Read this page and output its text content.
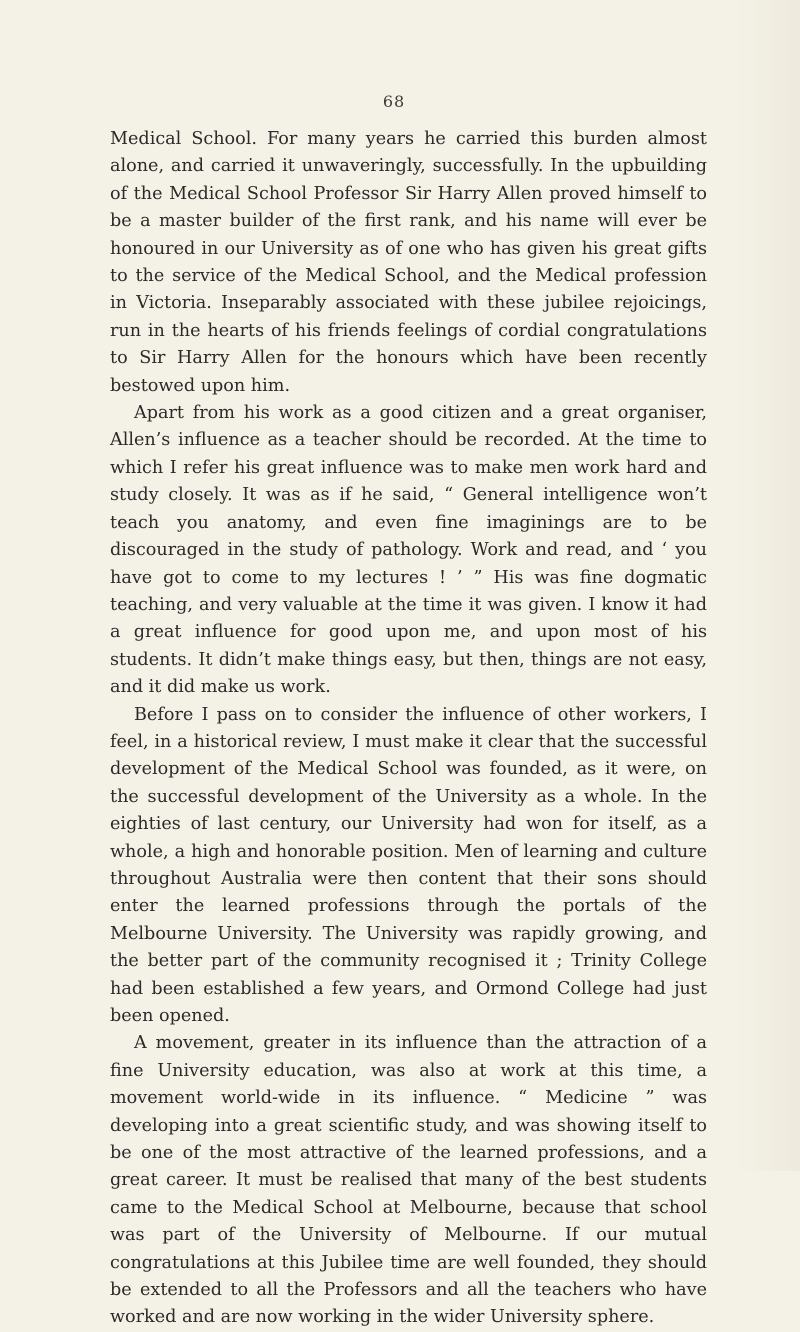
68

Medical School. For many years he carried this burden almost alone, and carried it unwaveringly, successfully. In the upbuilding of the Medical School Professor Sir Harry Allen proved himself to be a master builder of the first rank, and his name will ever be honoured in our University as of one who has given his great gifts to the service of the Medical School, and the Medical profession in Victoria. Inseparably associated with these jubilee rejoicings, run in the hearts of his friends feelings of cordial congratulations to Sir Harry Allen for the honours which have been recently bestowed upon him.

Apart from his work as a good citizen and a great organiser, Allen’s influence as a teacher should be recorded. At the time to which I refer his great influence was to make men work hard and study closely. It was as if he said, “ General intelligence won’t teach you anatomy, and even fine imaginings are to be discouraged in the study of pathology. Work and read, and ‘ you have got to come to my lectures ! ’ ” His was fine dogmatic teaching, and very valuable at the time it was given. I know it had a great influence for good upon me, and upon most of his students. It didn’t make things easy, but then, things are not easy, and it did make us work.

Before I pass on to consider the influence of other workers, I feel, in a historical review, I must make it clear that the successful development of the Medical School was founded, as it were, on the successful development of the University as a whole. In the eighties of last century, our University had won for itself, as a whole, a high and honorable position. Men of learning and culture throughout Australia were then content that their sons should enter the learned professions through the portals of the Melbourne University. The University was rapidly growing, and the better part of the community recognised it ; Trinity College had been established a few years, and Ormond College had just been opened.

A movement, greater in its influence than the attraction of a fine University education, was also at work at this time, a movement world-wide in its influence. “ Medicine ” was developing into a great scientific study, and was showing itself to be one of the most attractive of the learned professions, and a great career. It must be realised that many of the best students came to the Medical School at Melbourne, because that school was part of the University of Melbourne. If our mutual congratulations at this Jubilee time are well founded, they should be extended to all the Professors and all the teachers who have worked and are now working in the wider University sphere.
